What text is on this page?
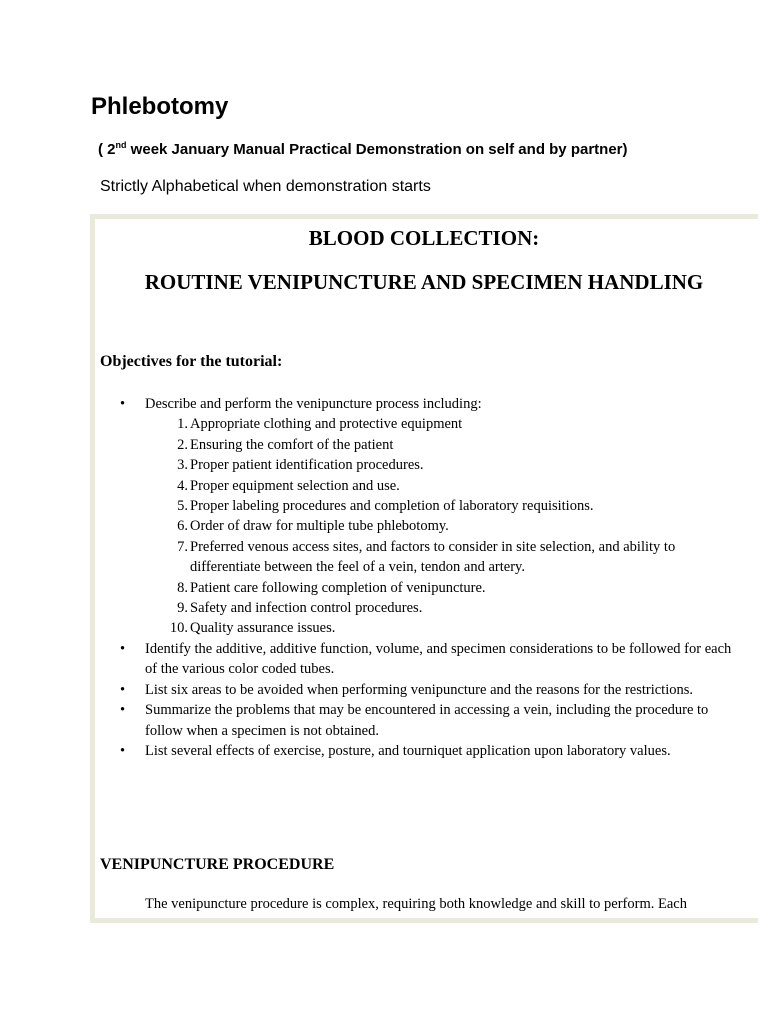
Phlebotomy

( 2nd week January Manual Practical Demonstration on self and by partner)

Strictly Alphabetical when demonstration starts

BLOOD COLLECTION:
ROUTINE VENIPUNCTURE AND SPECIMEN HANDLING
Objectives for the tutorial:
• Describe and perform the venipuncture process including:
1. Appropriate clothing and protective equipment
2. Ensuring the comfort of the patient
3. Proper patient identification procedures.
4. Proper equipment selection and use.
5. Proper labeling procedures and completion of laboratory requisitions.
6. Order of draw for multiple tube phlebotomy.
7. Preferred venous access sites, and factors to consider in site selection, and ability to differentiate between the feel of a vein, tendon and artery.
8. Patient care following completion of venipuncture.
9. Safety and infection control procedures.
10. Quality assurance issues.
• Identify the additive, additive function, volume, and specimen considerations to be followed for each of the various color coded tubes.
• List six areas to be avoided when performing venipuncture and the reasons for the restrictions.
• Summarize the problems that may be encountered in accessing a vein, including the procedure to follow when a specimen is not obtained.
• List several effects of exercise, posture, and tourniquet application upon laboratory values.
VENIPUNCTURE PROCEDURE

The venipuncture procedure is complex, requiring both knowledge and skill to perform. Each
